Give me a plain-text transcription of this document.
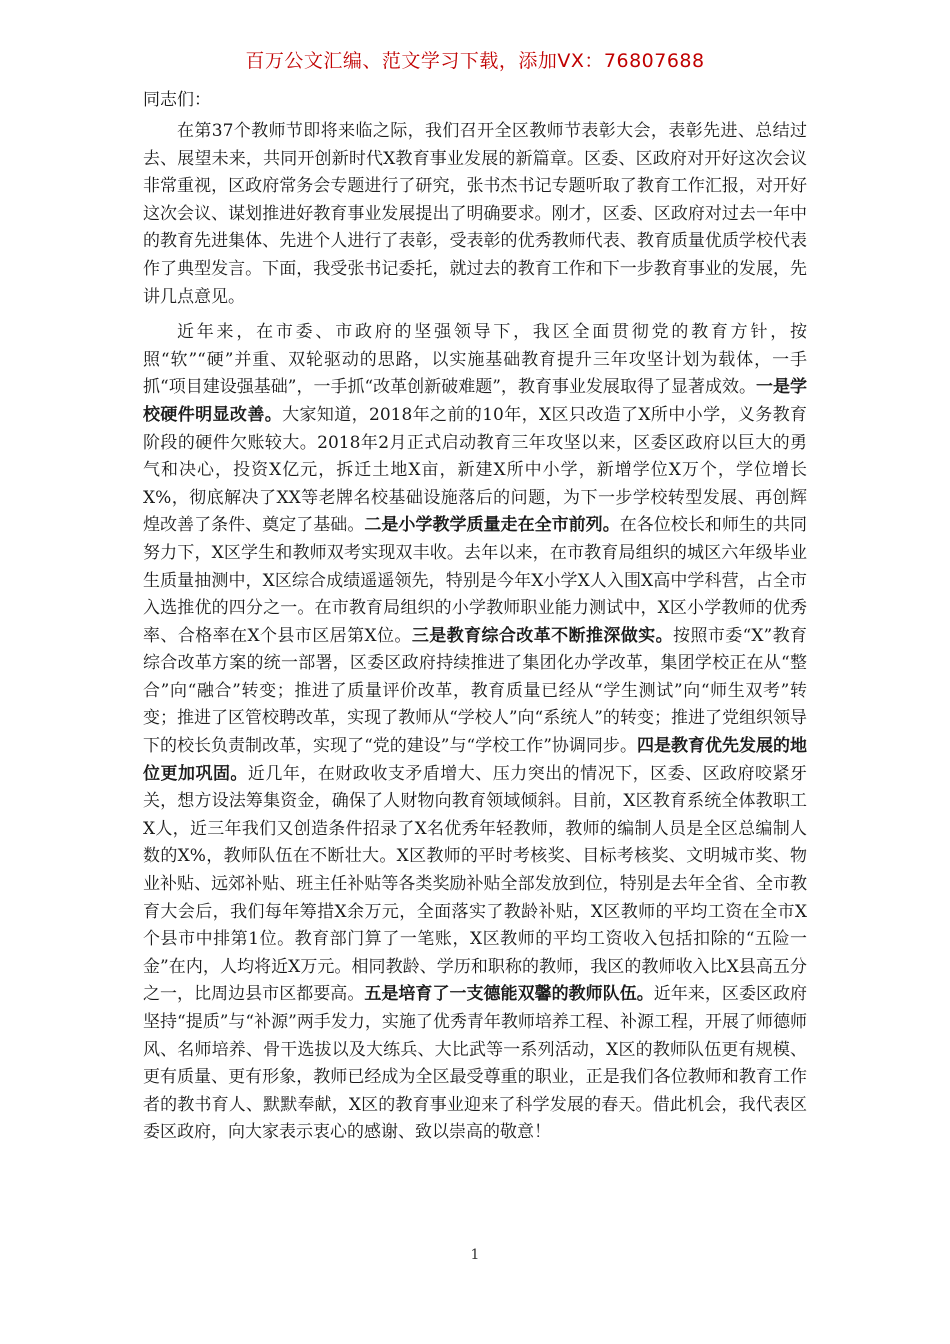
百万公文汇编、范文学习下载，添加VX：76807688

同志们：

在第37个教师节即将来临之际，我们召开全区教师节表彰大会，表彰先进、总结过去、展望未来，共同开创新时代X教育事业发展的新篇章。区委、区政府对开好这次会议非常重视，区政府常务会专题进行了研究，张书杰书记专题听取了教育工作汇报，对开好这次会议、谋划推进好教育事业发展提出了明确要求。刚才，区委、区政府对过去一年中的教育先进集体、先进个人进行了表彰，受表彰的优秀教师代表、教育质量优质学校代表作了典型发言。下面，我受张书记委托，就过去的教育工作和下一步教育事业的发展，先讲几点意见。

近年来，在市委、市政府的坚强领导下，我区全面贯彻党的教育方针，按照“软”“硬”并重、双轮驱动的思路，以实施基础教育提升三年攻坚计划为载体，一手抓“项目建设强基础”，一手抓“改革创新破难题”，教育事业发展取得了显著成效。一是学校硬件明显改善。大家知道，2018年之前的10年，X区只改造了X所中小学，义务教育阶段的硬件欠账较大。2018年2月正式启动教育三年攻坚以来，区委区政府以巨大的勇气和决心，投资X亿元，拆迁土地X亩，新建X所中小学，新增学位X万个，学位增长X%，彻底解决了XX等老牌名校基础设施落后的问题，为下一步学校转型发展、再创辉煌改善了条件、奠定了基础。二是小学教学质量走在全市前列。在各位校长和师生的共同努力下，X区学生和教师双考实现双丰收。去年以来，在市教育局组织的城区六年级毕业生质量抽测中，X区综合成绩遥遥领先，特别是今年X小学X人入围X高中学科营，占全市入选推优的四分之一。在市教育局组织的小学教师职业能力测试中，X区小学教师的优秀率、合格率在X个县市区居第X位。三是教育综合改革不断推深做实。按照市委“X”教育综合改革方案的统一部署，区委区政府持续推进了集团化办学改革，集团学校正在从“整合”向“融合”转变；推进了质量评价改革，教育质量已经从“学生测试”向“师生双考”转变；推进了区管校聘改革，实现了教师从“学校人”向“系统人”的转变；推进了党组织领导下的校长负责制改革，实现了“党的建设”与“学校工作”协调同步。四是教育优先发展的地位更加巩固。近几年，在财政收支矛盾增大、压力突出的情况下，区委、区政府咬紧牙关，想方设法筹集资金，确保了人财物向教育领域倾斜。目前，X区教育系统全体教职工X人，近三年我们又创造条件招录了X名优秀年轻教师，教师的编制人员是全区总编制人数的X%，教师队伍在不断壮大。X区教师的平时考核奖、目标考核奖、文明城市奖、物业补贴、远郊补贴、班主任补贴等各类奖励补贴全部发放到位，特别是去年全省、全市教育大会后，我们每年筹措X余万元，全面落实了教龄补贴，X区教师的平均工资在全市X个县市中排第1位。教育部门算了一笔账，X区教师的平均工资收入包括扣除的“五险一金”在内，人均将近X万元。相同教龄、学历和职称的教师，我区的教师收入比X县高五分之一，比周边县市区都要高。五是培育了一支德能双馨的教师队伍。近年来，区委区政府坚持“提质”与“补源”两手发力，实施了优秀青年教师培养工程、补源工程，开展了师德师风、名师培养、骨干选拔以及大练兵、大比武等一系列活动，X区的教师队伍更有规模、更有质量、更有形象，教师已经成为全区最受尊重的职业，正是我们各位教师和教育工作者的教书育人、默默奉献，X区的教育事业迎来了科学发展的春天。借此机会，我代表区委区政府，向大家表示衷心的感谢、致以崇高的敬意！

1
